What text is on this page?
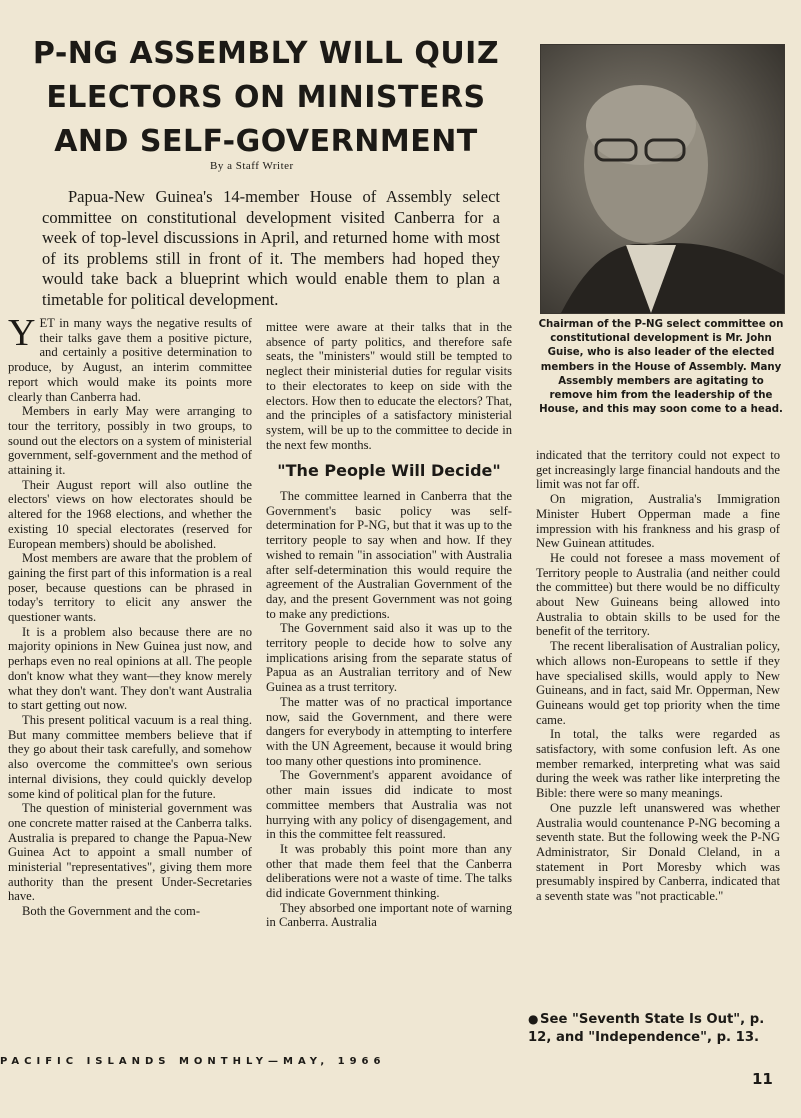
P-NG ASSEMBLY WILL QUIZ
ELECTORS ON MINISTERS
AND SELF-GOVERNMENT
By a Staff Writer

Papua-New Guinea's 14-member House of Assembly select committee on constitutional development visited Canberra for a week of top-level discussions in April, and returned home with most of its problems still in front of it. The members had hoped they would take back a blueprint which would enable them to plan a timetable for political development.

Chairman of the P-NG select committee on constitutional development is Mr. John Guise, who is also leader of the elected members in the House of Assembly. Many Assembly members are agitating to remove him from the leadership of the House, and this may soon come to a head.

YET in many ways the negative results of their talks gave them a positive picture, and certainly a positive determination to produce, by August, an interim committee report which would make its points more clearly than Canberra had.

Members in early May were arranging to tour the territory, possibly in two groups, to sound out the electors on a system of ministerial government, self-government and the method of attaining it.

Their August report will also outline the electors' views on how electorates should be altered for the 1968 elections, and whether the existing 10 special electorates (reserved for European members) should be abolished.

Most members are aware that the problem of gaining the first part of this information is a real poser, because questions can be phrased in today's territory to elicit any answer the questioner wants.

It is a problem also because there are no majority opinions in New Guinea just now, and perhaps even no real opinions at all. The people don't know what they want—they know merely what they don't want. They don't want Australia to start getting out now.

This present political vacuum is a real thing. But many committee members believe that if they go about their task carefully, and somehow also overcome the committee's own serious internal divisions, they could quickly develop some kind of political plan for the future.

The question of ministerial government was one concrete matter raised at the Canberra talks. Australia is prepared to change the Papua-New Guinea Act to appoint a small number of ministerial "representatives", giving them more authority than the present Under-Secretaries have.

Both the Government and the com-

mittee were aware at their talks that in the absence of party politics, and therefore safe seats, the "ministers" would still be tempted to neglect their ministerial duties for regular visits to their electorates to keep on side with the electors. How then to educate the electors? That, and the principles of a satisfactory ministerial system, will be up to the committee to decide in the next few months.

"The People Will Decide"

The committee learned in Canberra that the Government's basic policy was self-determination for P-NG, but that it was up to the territory people to say when and how. If they wished to remain "in association" with Australia after self-determination this would require the agreement of the Australian Government of the day, and the present Government was not going to make any predictions.

The Government said also it was up to the territory people to decide how to solve any implications arising from the separate status of Papua as an Australian territory and of New Guinea as a trust territory.

The matter was of no practical importance now, said the Government, and there were dangers for everybody in attempting to interfere with the UN Agreement, because it would bring too many other questions into prominence.

The Government's apparent avoidance of other main issues did indicate to most committee members that Australia was not hurrying with any policy of disengagement, and in this the committee felt reassured.

It was probably this point more than any other that made them feel that the Canberra deliberations were not a waste of time. The talks did indicate Government thinking.

They absorbed one important note of warning in Canberra. Australia

indicated that the territory could not expect to get increasingly large financial handouts and the limit was not far off.

On migration, Australia's Immigration Minister Hubert Opperman made a fine impression with his frankness and his grasp of New Guinean attitudes.

He could not foresee a mass movement of Territory people to Australia (and neither could the committee) but there would be no difficulty about New Guineans being allowed into Australia to obtain skills to be used for the benefit of the territory.

The recent liberalisation of Australian policy, which allows non-Europeans to settle if they have specialised skills, would apply to New Guineans, and in fact, said Mr. Opperman, New Guineans would get top priority when the time came.

In total, the talks were regarded as satisfactory, with some confusion left. As one member remarked, interpreting what was said during the week was rather like interpreting the Bible: there were so many meanings.

One puzzle left unanswered was whether Australia would countenance P-NG becoming a seventh state. But the following week the P-NG Administrator, Sir Donald Cleland, in a statement in Port Moresby which was presumably inspired by Canberra, indicated that a seventh state was "not practicable."

● See "Seventh State Is Out", p. 12, and "Independence", p. 13.

PACIFIC ISLANDS MONTHLY—MAY, 1966
11
